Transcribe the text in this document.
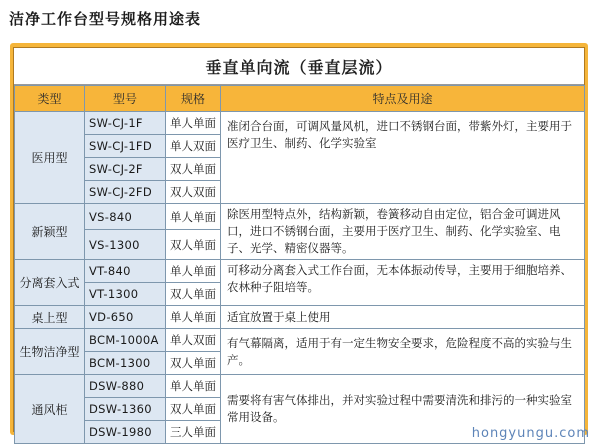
洁净工作台型号规格用途表
垂直单向流（垂直层流）
类型	型号	规格	特点及用途
医用型	SW-CJ-1F	单人单面	准闭合台面，可调风量风机，进口不锈钢台面，带紫外灯，主要用于医疗卫生、制药、化学实验室
	SW-CJ-1FD	单人双面	
	SW-CJ-2F	双人单面	
	SW-CJ-2FD	双人双面	
新颖型	VS-840	单人单面	除医用型特点外，结构新颖，卷簧移动自由定位，铝合金可调进风口，进口不锈钢台面，主要用于医疗卫生、制药、化学实验室、电子、光学、精密仪器等。
	VS-1300	双人单面	
分离套入式	VT-840	单人单面	可移动分离套入式工作台面，无本体振动传导，主要用于细胞培养、农林种子阻培等。
	VT-1300	双人单面	
桌上型	VD-650	单人单面	适宜放置于桌上使用
生物洁净型	BCM-1000A	单人双面	有气幕隔离，适用于有一定生物安全要求，危险程度不高的实验与生产。
	BCM-1300	双人单面	
通风柜	DSW-880	单人单面	需要将有害气体排出，并对实验过程中需要清洗和排污的一种实验室常用设备。
	DSW-1360	双人单面	
	DSW-1980	三人单面		hongyungu.com
